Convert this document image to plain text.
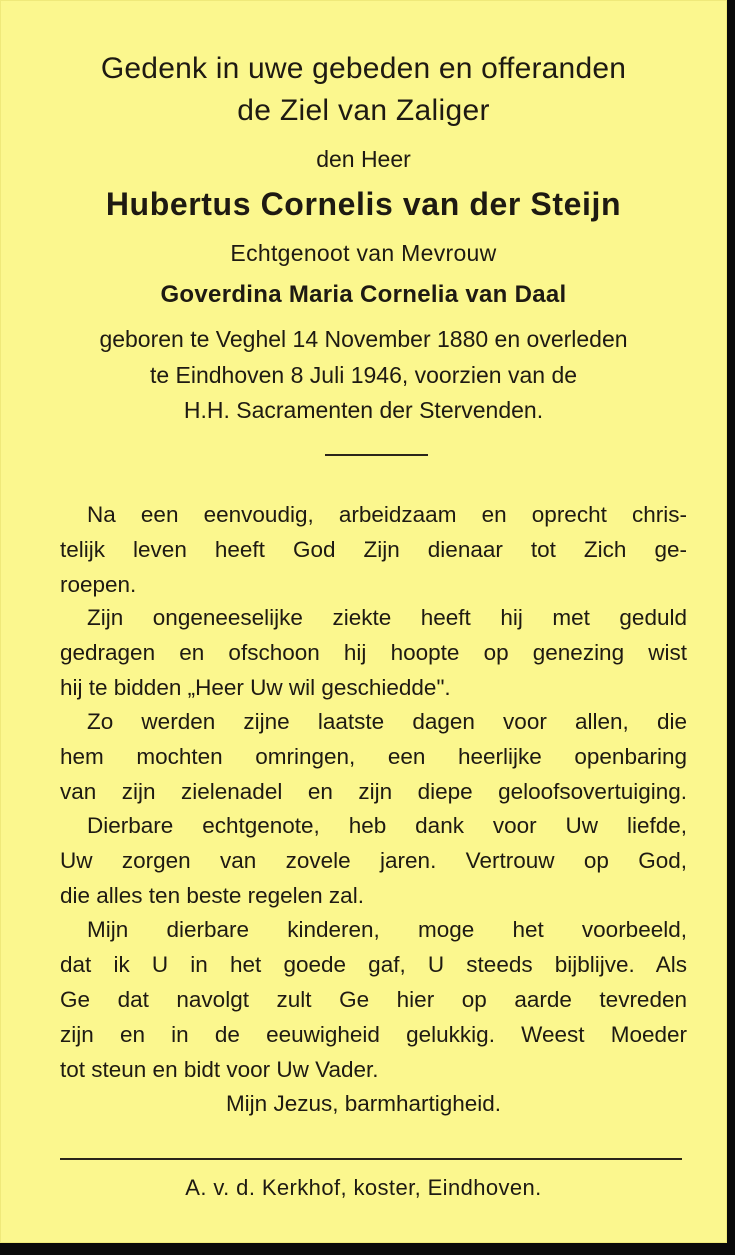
Gedenk in uwe gebeden en offeranden
de Ziel van Zaliger
den Heer
Hubertus Cornelis van der Steijn
Echtgenoot van Mevrouw
Goverdina Maria Cornelia van Daal
geboren te Veghel 14 November 1880 en overleden
te Eindhoven 8 Juli 1946, voorzien van de
H.H. Sacramenten der Stervenden.
Na een eenvoudig, arbeidzaam en oprecht chris-
telijk leven heeft God Zijn dienaar tot Zich ge-
roepen.
Zijn ongeneeselijke ziekte heeft hij met geduld
gedragen en ofschoon hij hoopte op genezing wist
hij te bidden „Heer Uw wil geschiedde".
Zo werden zijne laatste dagen voor allen, die
hem mochten omringen, een heerlijke openbaring
van zijn zielenadel en zijn diepe geloofsovertuiging.
Dierbare echtgenote, heb dank voor Uw liefde,
Uw zorgen van zovele jaren. Vertrouw op God,
die alles ten beste regelen zal.
Mijn dierbare kinderen, moge het voorbeeld,
dat ik U in het goede gaf, U steeds bijblijve. Als
Ge dat navolgt zult Ge hier op aarde tevreden
zijn en in de eeuwigheid gelukkig. Weest Moeder
tot steun en bidt voor Uw Vader.
Mijn Jezus, barmhartigheid.
A. v. d. Kerkhof, koster, Eindhoven.
